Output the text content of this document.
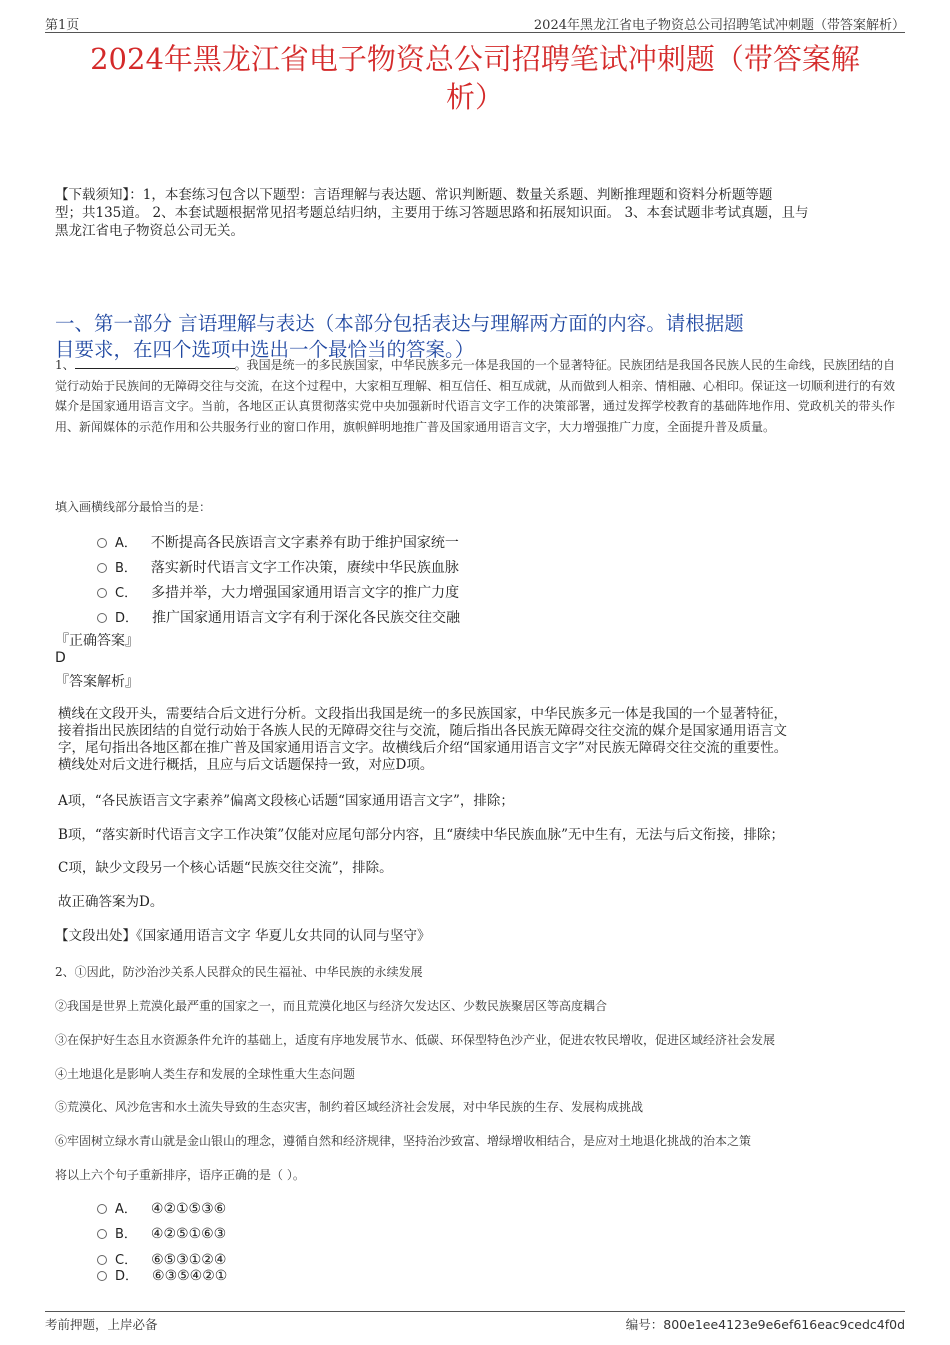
第1页	2024年黑龙江省电子物资总公司招聘笔试冲刺题（带答案解析）
2024年黑龙江省电子物资总公司招聘笔试冲刺题（带答案解
析）
【下载须知】：1，本套练习包含以下题型：言语理解与表达题、常识判断题、数量关系题、判断推理题和资料分析题等题
型；共135道。 2、本套试题根据常见招考题总结归纳，主要用于练习答题思路和拓展知识面。 3、本套试题非考试真题，且与
黑龙江省电子物资总公司无关。
一、第一部分 言语理解与表达（本部分包括表达与理解两方面的内容。请根据题
目要求，在四个选项中选出一个最恰当的答案。）
1、	。我国是统一的多民族国家，中华民族多元一体是我国的一个显著特征。民族团结是我国各民族人民的生命线，民族团结的自觉行动始于民族间的无障碍交往与交流，在这个过程中，大家相互理解、相互信任、相互成就，从而做到人相亲、情相融、心相印。保证这一切顺利进行的有效媒介是国家通用语言文字。当前，各地区正认真贯彻落实党中央加强新时代语言文字工作的决策部署，通过发挥学校教育的基础阵地作用、党政机关的带头作用、新闻媒体的示范作用和公共服务行业的窗口作用，旗帜鲜明地推广普及国家通用语言文字，大力增强推广力度，全面提升普及质量。
填入画横线部分最恰当的是：
A． 不断提高各民族语言文字素养有助于维护国家统一
B． 落实新时代语言文字工作决策，赓续中华民族血脉
C． 多措并举，大力增强国家通用语言文字的推广力度
D． 推广国家通用语言文字有利于深化各民族交往交融
『正确答案』
D
『答案解析』
横线在文段开头，需要结合后文进行分析。文段指出我国是统一的多民族国家，中华民族多元一体是我国的一个显著特征，
接着指出民族团结的自觉行动始于各族人民的无障碍交往与交流，随后指出各民族无障碍交往交流的媒介是国家通用语言文
字，尾句指出各地区都在推广普及国家通用语言文字。故横线后介绍“国家通用语言文字”对民族无障碍交往交流的重要性。
横线处对后文进行概括，且应与后文话题保持一致，对应D项。
A项，“各民族语言文字素养”偏离文段核心话题“国家通用语言文字”，排除；
B项，“落实新时代语言文字工作决策”仅能对应尾句部分内容，且“赓续中华民族血脉”无中生有，无法与后文衔接，排除；
C项，缺少文段另一个核心话题“民族交往交流”，排除。
故正确答案为D。
【文段出处】《国家通用语言文字 华夏儿女共同的认同与坚守》
2、①因此，防沙治沙关系人民群众的民生福祉、中华民族的永续发展
②我国是世界上荒漠化最严重的国家之一，而且荒漠化地区与经济欠发达区、少数民族聚居区等高度耦合
③在保护好生态且水资源条件允许的基础上，适度有序地发展节水、低碳、环保型特色沙产业，促进农牧民增收，促进区域经济社会发展
④土地退化是影响人类生存和发展的全球性重大生态问题
⑤荒漠化、风沙危害和水土流失导致的生态灾害，制约着区域经济社会发展，对中华民族的生存、发展构成挑战
⑥牢固树立绿水青山就是金山银山的理念，遵循自然和经济规律，坚持治沙致富、增绿增收相结合，是应对土地退化挑战的治本之策
将以上六个句子重新排序，语序正确的是（ ）。
A． ④②①⑤③⑥
B． ④②⑤①⑥③
C． ⑥⑤③①②④
D． ⑥③⑤④②①
考前押题，上岸必备	编号：800e1ee4123e9e6ef616eac9cedc4f0d
